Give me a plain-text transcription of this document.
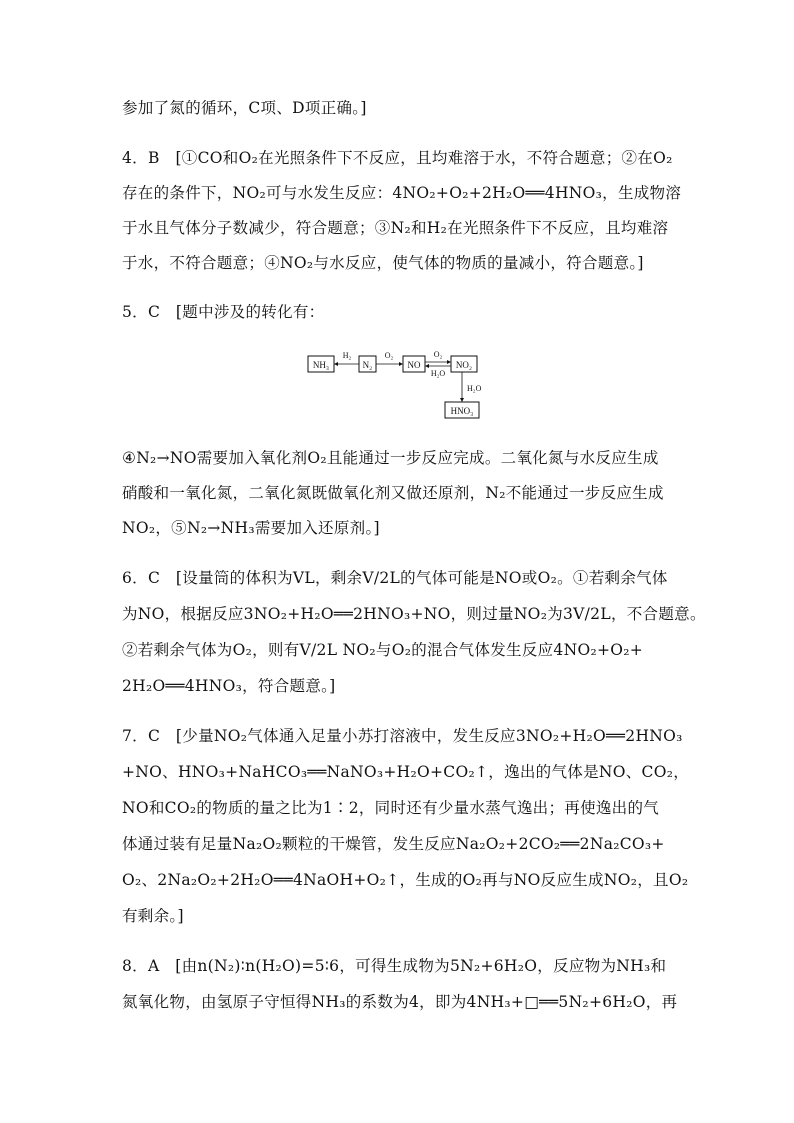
参加了氮的循环，C项、D项正确。]
4．B　[①CO和O₂在光照条件下不反应，且均难溶于水，不符合题意；②在O₂
存在的条件下，NO₂可与水发生反应：4NO₂+O₂+2H₂O══4HNO₃，生成物溶
于水且气体分子数减少，符合题意；③N₂和H₂在光照条件下不反应，且均难溶
于水，不符合题意；④NO₂与水反应，使气体的物质的量减小，符合题意。]
5．C　[题中涉及的转化有：
NH₃	N₂	NO	NO₂
HNO₃
H₂	O₂	O₂
H₂O
H₂O
④N₂→NO需要加入氧化剂O₂且能通过一步反应完成。二氧化氮与水反应生成
硝酸和一氧化氮，二氧化氮既做氧化剂又做还原剂，N₂不能通过一步反应生成
NO₂，⑤N₂→NH₃需要加入还原剂。]
6．C　[设量筒的体积为VL，剩余V/2L的气体可能是NO或O₂。①若剩余气体
为NO，根据反应3NO₂+H₂O══2HNO₃+NO，则过量NO₂为3V/2L，不合题意。
②若剩余气体为O₂，则有V/2L NO₂与O₂的混合气体发生反应4NO₂+O₂+
2H₂O══4HNO₃，符合题意。]
7．C　[少量NO₂气体通入足量小苏打溶液中，发生反应3NO₂+H₂O══2HNO₃
+NO、HNO₃+NaHCO₃══NaNO₃+H₂O+CO₂↑，逸出的气体是NO、CO₂，
NO和CO₂的物质的量之比为1∶2，同时还有少量水蒸气逸出；再使逸出的气
体通过装有足量Na₂O₂颗粒的干燥管，发生反应Na₂O₂+2CO₂══2Na₂CO₃+
O₂、2Na₂O₂+2H₂O══4NaOH+O₂↑，生成的O₂再与NO反应生成NO₂，且O₂
有剩余。]
8．A　[由n(N₂)∶n(H₂O)=5∶6，可得生成物为5N₂+6H₂O，反应物为NH₃和
氮氧化物，由氢原子守恒得NH₃的系数为4，即为4NH₃+□══5N₂+6H₂O，再
